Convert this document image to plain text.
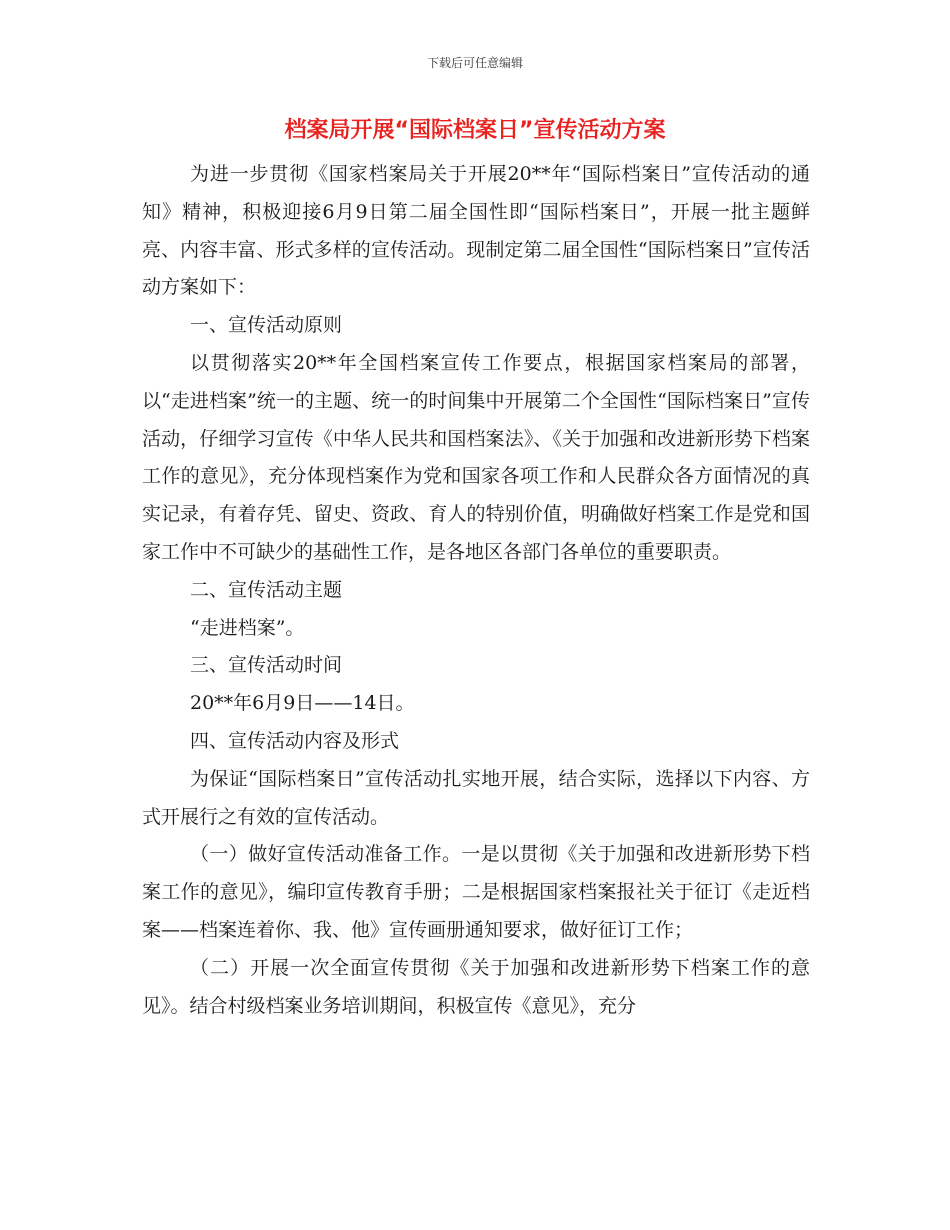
下载后可任意编辑
档案局开展“国际档案日”宣传活动方案

为进一步贯彻《国家档案局关于开展20**年“国际档案日”宣传活动的通知》精神，积极迎接6月9日第二届全国性即“国际档案日”，开展一批主题鲜亮、内容丰富、形式多样的宣传活动。现制定第二届全国性“国际档案日”宣传活动方案如下：

一、宣传活动原则

以贯彻落实20**年全国档案宣传工作要点，根据国家档案局的部署，以“走进档案”统一的主题、统一的时间集中开展第二个全国性“国际档案日”宣传活动，仔细学习宣传《中华人民共和国档案法》、《关于加强和改进新形势下档案工作的意见》，充分体现档案作为党和国家各项工作和人民群众各方面情况的真实记录，有着存凭、留史、资政、育人的特别价值，明确做好档案工作是党和国家工作中不可缺少的基础性工作，是各地区各部门各单位的重要职责。

二、宣传活动主题

“走进档案”。

三、宣传活动时间

20**年6月9日——14日。

四、宣传活动内容及形式

为保证“国际档案日”宣传活动扎实地开展，结合实际，选择以下内容、方式开展行之有效的宣传活动。

（一）做好宣传活动准备工作。一是以贯彻《关于加强和改进新形势下档案工作的意见》，编印宣传教育手册；二是根据国家档案报社关于征订《走近档案——档案连着你、我、他》宣传画册通知要求，做好征订工作；

（二）开展一次全面宣传贯彻《关于加强和改进新形势下档案工作的意见》。结合村级档案业务培训期间，积极宣传《意见》，充分
